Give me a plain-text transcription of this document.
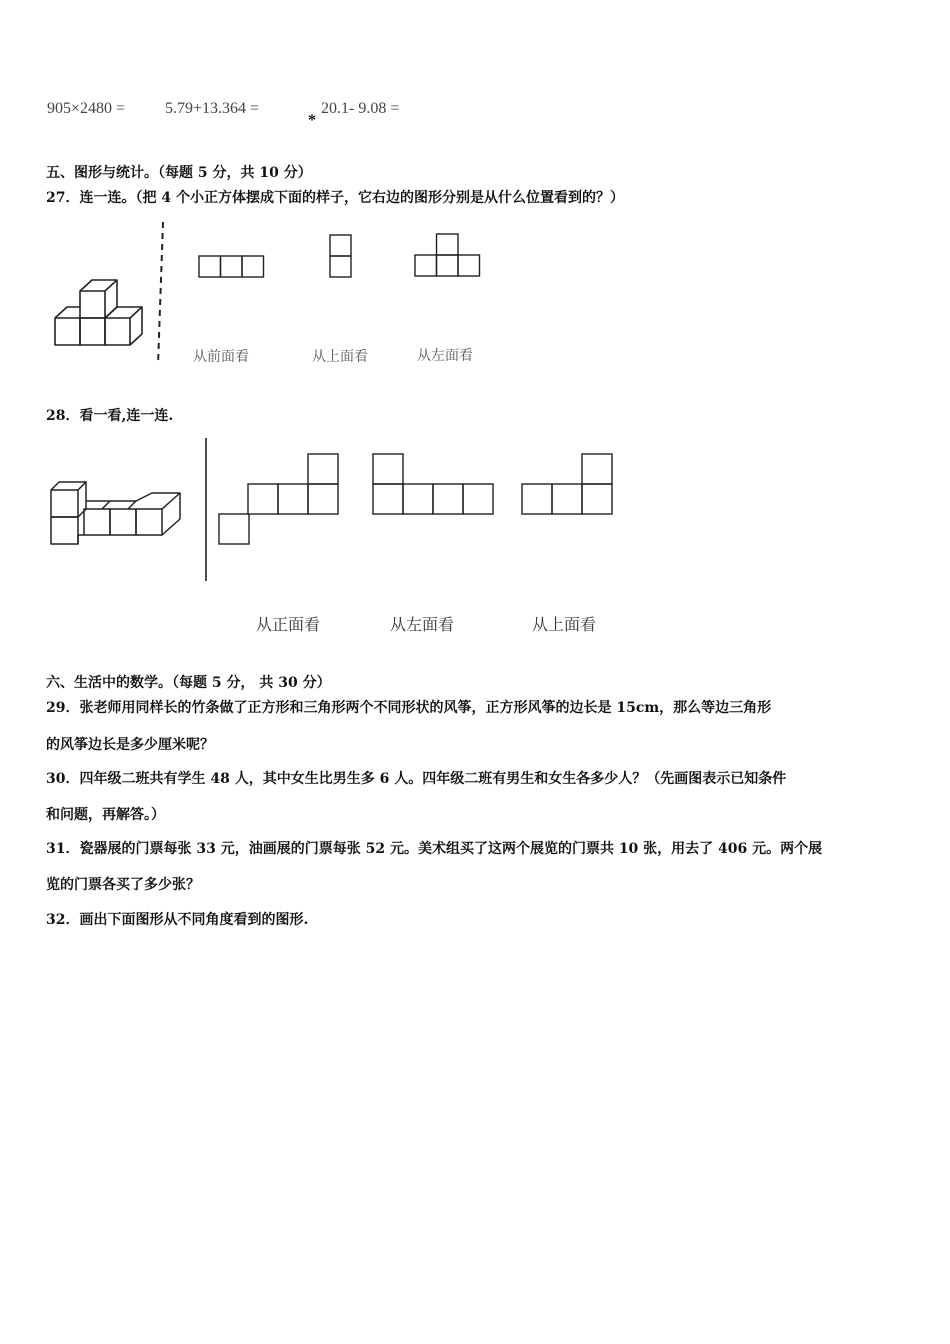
905×2480 = 5.79+13.364 =
*
20.1- 9.08 =
五、图形与统计。（每题 5 分，共 10 分）
27．连一连。（把 4 个小正方体摆成下面的样子，它右边的图形分别是从什么位置看到的？）
从前面看	从上面看	从左面看
28．看一看,连一连.
从正面看	从左面看	从上面看
六、生活中的数学。（每题 5 分， 共 30 分）
29．张老师用同样长的竹条做了正方形和三角形两个不同形状的风筝，正方形风筝的边长是 15cm，那么等边三角形
的风筝边长是多少厘米呢？
30．四年级二班共有学生 48 人，其中女生比男生多 6 人。四年级二班有男生和女生各多少人？（先画图表示已知条件
和问题，再解答。）
31．瓷器展的门票每张 33 元，油画展的门票每张 52 元。美术组买了这两个展览的门票共 10 张，用去了 406 元。两个展
览的门票各买了多少张？
32．画出下面图形从不同角度看到的图形.
